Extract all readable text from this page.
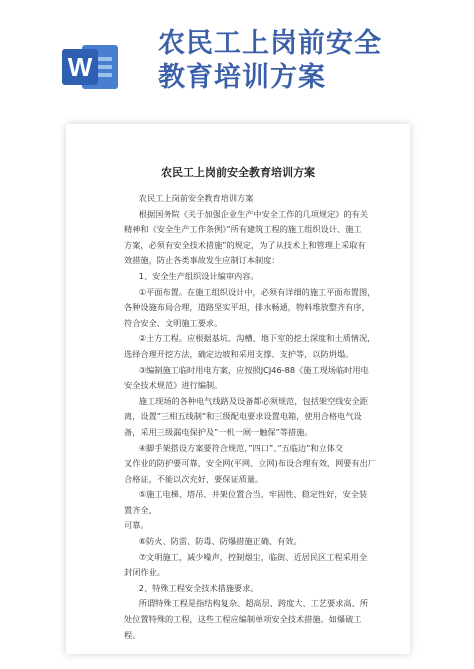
W
农民工上岗前安全
教育培训方案
农民工上岗前安全教育培训方案

农民工上岗前安全教育培训方案

根据国务院《关于加强企业生产中安全工作的几项规定》的有关

精神和《安全生产工作条例》”所有建筑工程的施工组织设计、施工

方案，必须有安全技术措施”的规定，为了从技术上和管理上采取有

效措施，防止各类事故发生应制订本制度：

1、安全生产组织设计编审内容。

①平面布置。在施工组织设计中，必须有详细的施工平面布置图，

各种设施布局合理，道路坚实平坦，排水畅通，物料堆放整齐有序，

符合安全、文明施工要求。

②土方工程。应根据基坑、沟槽、地下室的挖土深度和土质情况，

选择合理开挖方法，确定边坡和采用支撑、支护等，以防坍塌。

③编制施工临时用电方案，应按照JCJ46-88《施工现场临时用电

安全技术规范》进行编制。

施工现场的各种电气线路及设备都必须规范，包括架空线安全距

离，设置”三相五线制”和三级配电要求设置电箱，使用合格电气设

备，采用三级漏电保护及”一机一闸一触保”等措施。

④脚手架搭设方案要符合规范，”四口”、”五临边”和立体交

叉作业的防护要可靠，安全网(平网、立网)布设合理有效，网要有出厂

合格证，不能以次充好，要保证质量。

⑤施工电梯、塔吊、井架位置合当，牢固性、稳定性好，安全装

置齐全，

可靠。

⑥防火、防雷、防毒、防爆措施正确、有效。

⑦文明施工，减少噪声，控制烟尘，临街、近居民区工程采用全

封闭作业。

2、特殊工程安全技术措施要求。

所谓特殊工程是指结构复杂、超高层、跨度大、工艺要求高、所

处位置特殊的工程，这些工程应编制单项安全技术措施。如爆破工程、
